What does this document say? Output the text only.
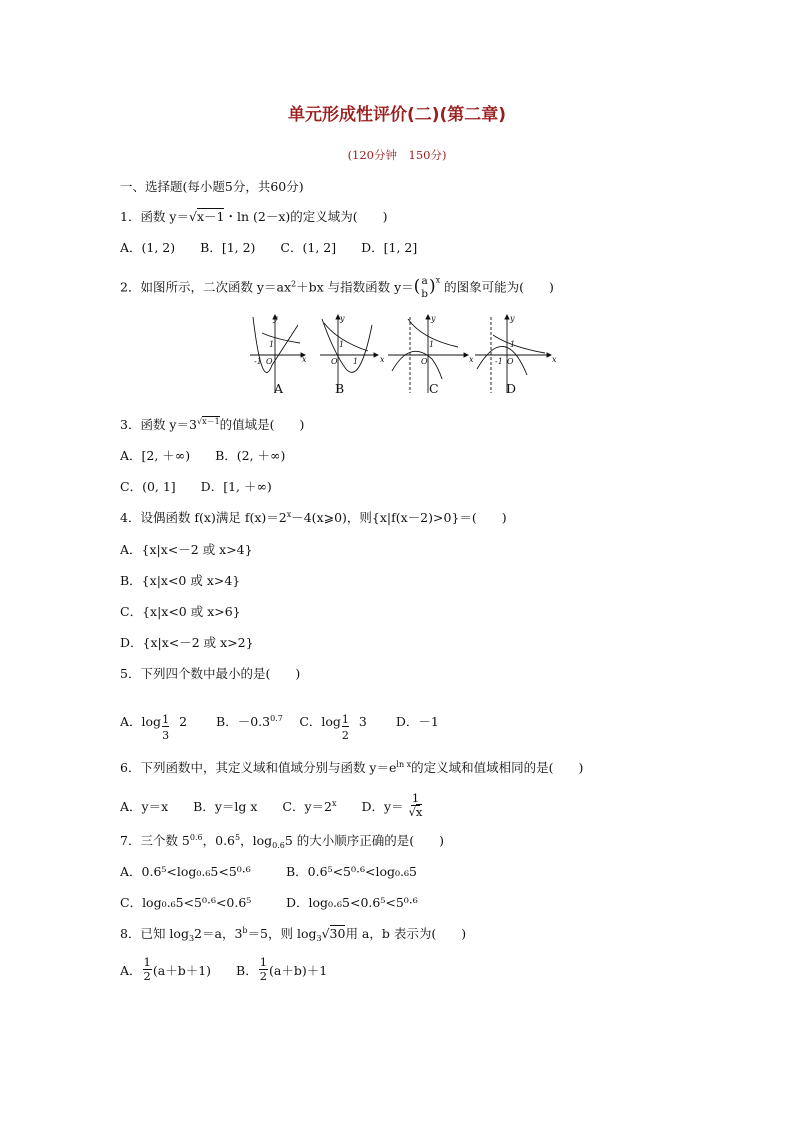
单元形成性评价(二)(第二章)
(120分钟　150分)
一、选择题(每小题5分，共60分)
1．函数 y＝√x－1・ln (2－x)的定义域为(　　)
A．(1, 2)　　B．[1, 2)　　C．(1, 2]　　D．[1, 2]
2．如图所示，二次函数 $y=ax^2+bx$ 与指数函数 y＝( a
b )$^x$ 的图象可能为(　　)
y
x
O
-1
1
y
x
O 1
1
y
x
O
1
y
x
O
-1
1
A	B	C	D
3．函数 $y=3^{√x-1}$的值域是(　　)
A．[2, ＋∞)　　B．(2, ＋∞)
C．(0, 1]　　D．[1, ＋∞)
4．设偶函数 f(x)满足 $f(x)=2^x-4(x⩾0)$，则{x|f(x－2)>0}＝(　　)
A．{x|x<－2 或 x>4}
B．{x|x<0 或 x>4}
C．{x|x<0 或 x>6}
D．{x|x<－2 或 x>2}
5．下列四个数中最小的是(　　)
A．$\log \frac{1}{3} 2$ 　　 B．$-0.3^{0.7}$ 　 C．$\log \frac{1}{2} 3$ 　　 D．－1
6．下列函数中，其定义域和值域分别与函数 $y=e^{ln x}$的定义域和值域相同的是(　　)
A．y＝x　　B．y＝lg x　　C．$y=2^x$　　D．$y= \frac{1}{√x}$
7．三个数 $5^{0.6}$，$0.6^5$，$\log_{0.6}5$ 的大小顺序正确的是(　　)
A．0.6⁵<log₀.₆5<5⁰·⁶	B．0.6⁵<5⁰·⁶<log₀.₆5
C．log₀.₆5<5⁰·⁶<0.6⁵	D．log₀.₆5<0.6⁵<5⁰·⁶
8．已知 $\log_32=a$，$3^b=5$，则 $\log_3√30$用 a，b 表示为(　　)
A． $\frac{1}{2} (a+b+1)$　　B． $\frac{1}{2} (a+b)+1$
